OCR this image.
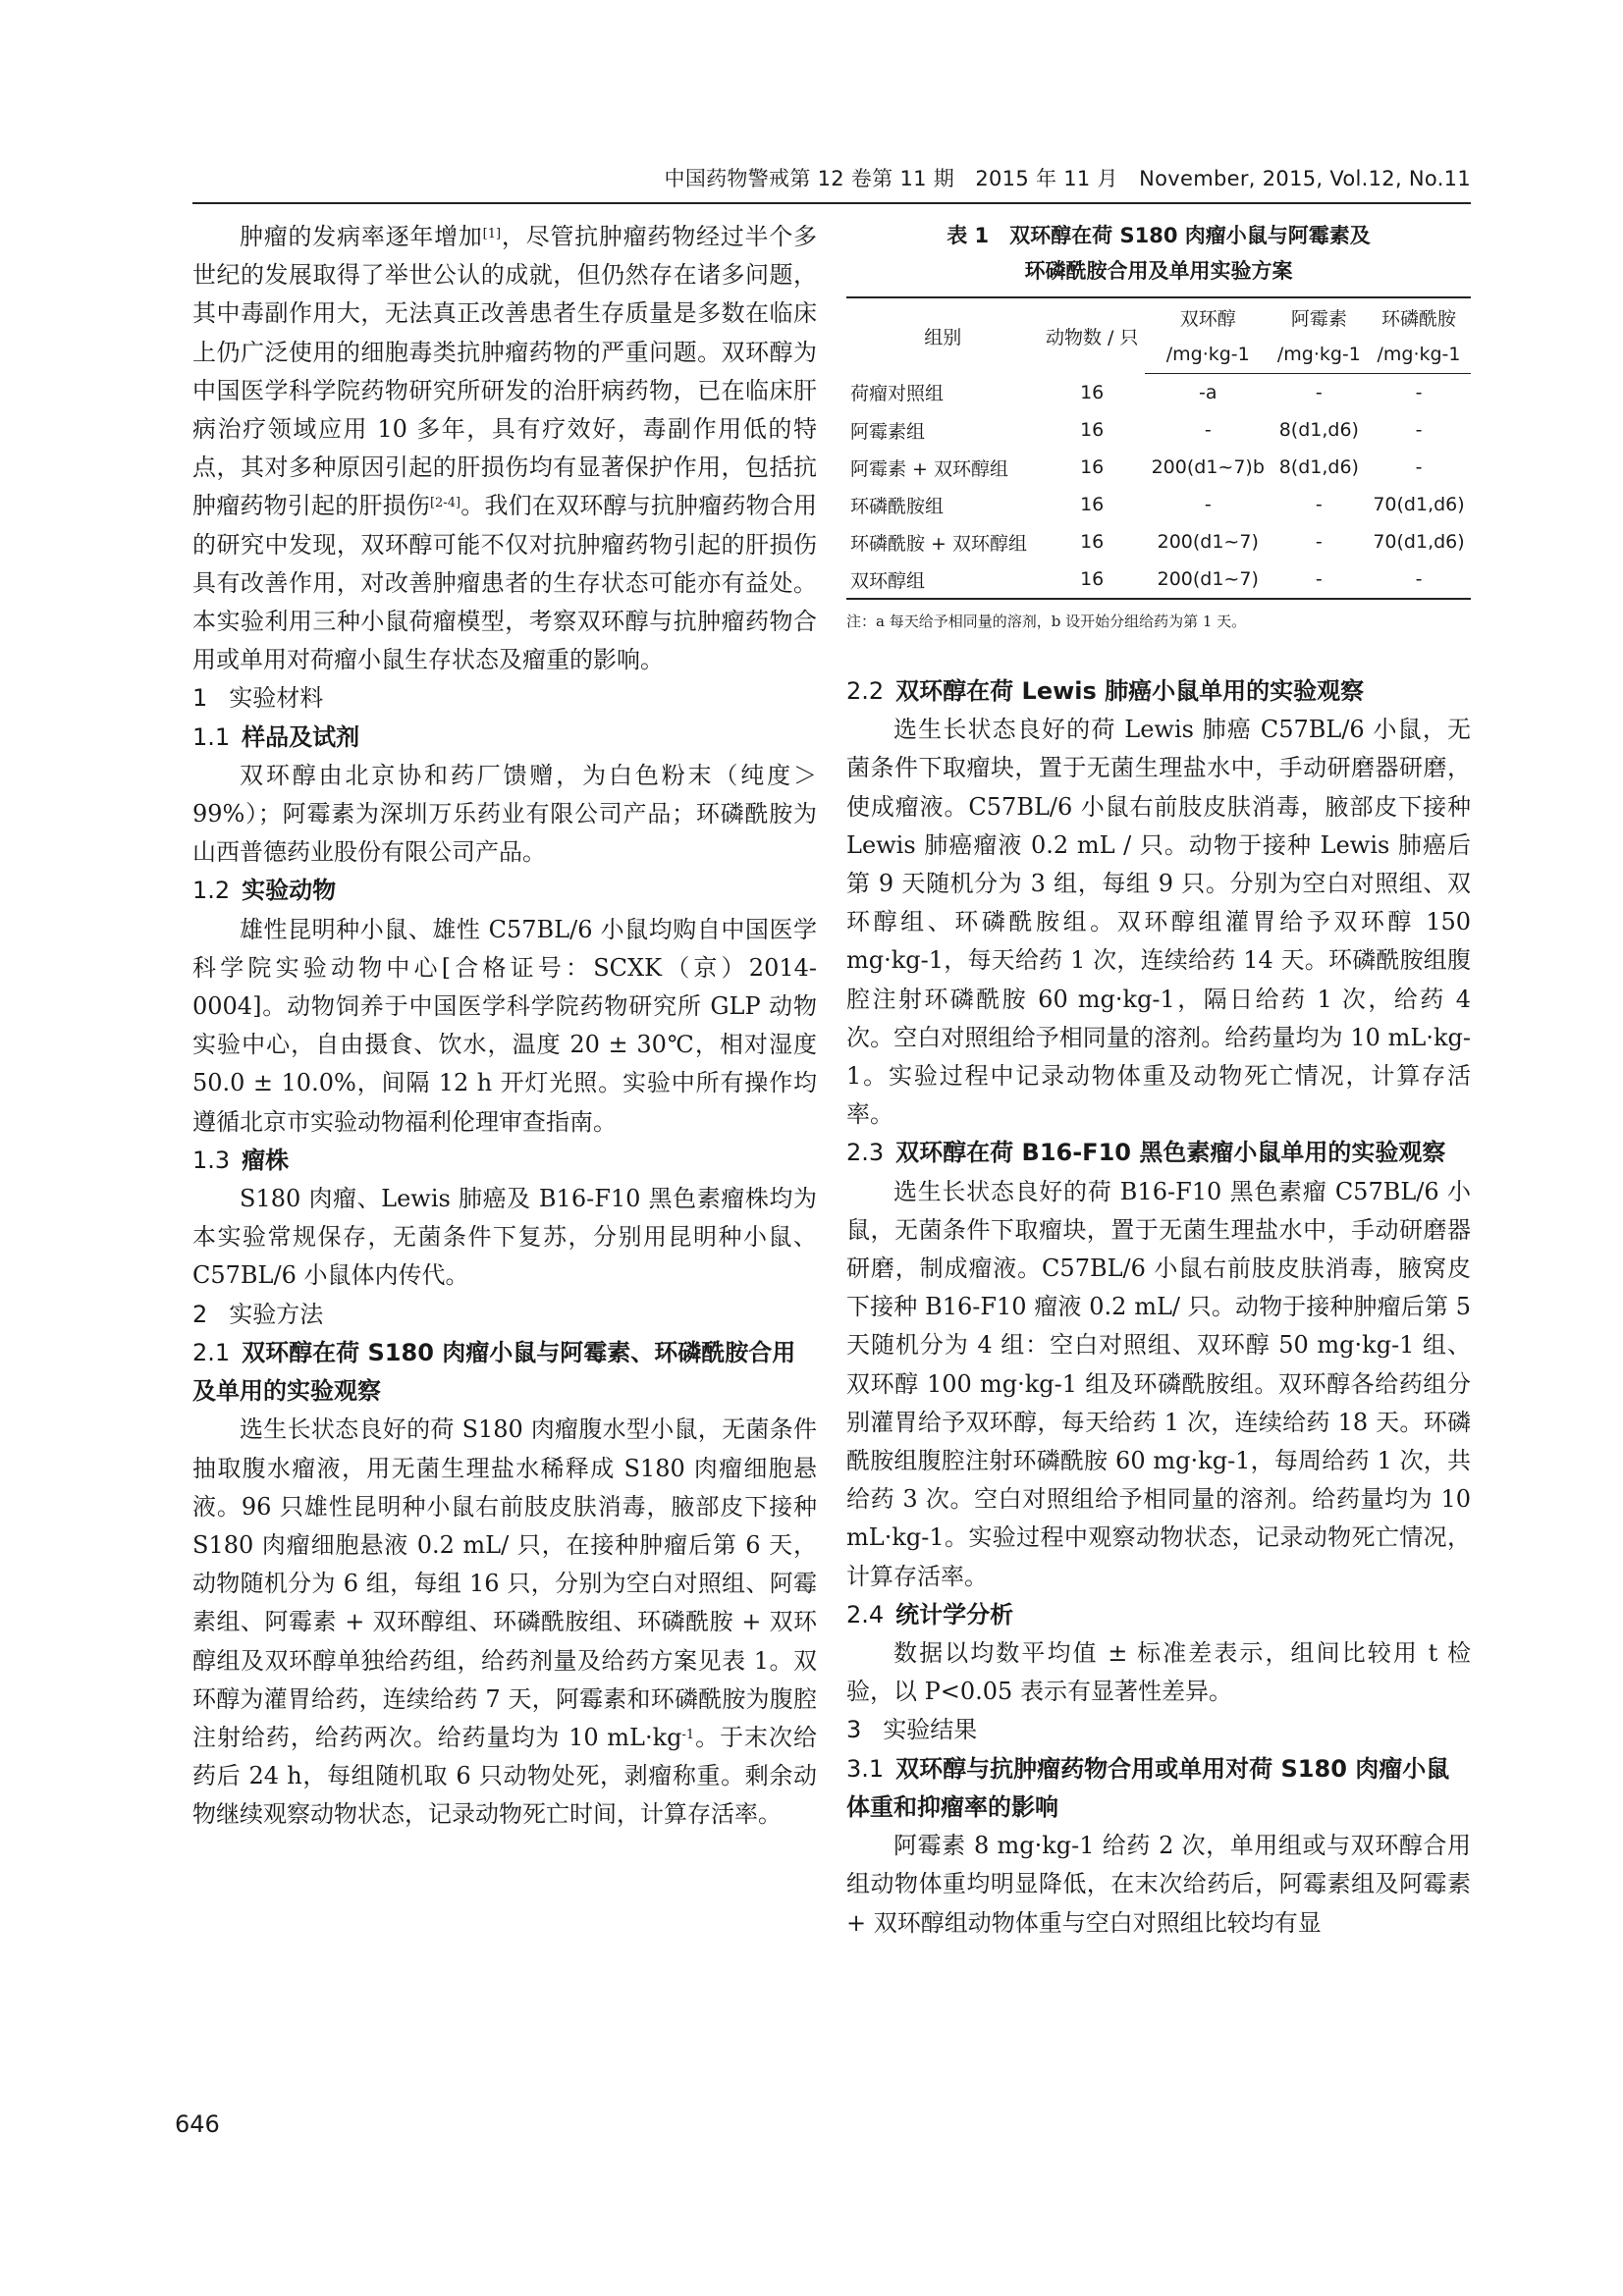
中国药物警戒第 12 卷第 11 期　2015 年 11 月　November, 2015, Vol.12, No.11

肿瘤的发病率逐年增加[1]，尽管抗肿瘤药物经过半个多世纪的发展取得了举世公认的成就，但仍然存在诸多问题，其中毒副作用大，无法真正改善患者生存质量是多数在临床上仍广泛使用的细胞毒类抗肿瘤药物的严重问题。双环醇为中国医学科学院药物研究所研发的治肝病药物，已在临床肝病治疗领域应用 10 多年，具有疗效好，毒副作用低的特点，其对多种原因引起的肝损伤均有显著保护作用，包括抗肿瘤药物引起的肝损伤[2-4]。我们在双环醇与抗肿瘤药物合用的研究中发现，双环醇可能不仅对抗肿瘤药物引起的肝损伤具有改善作用，对改善肿瘤患者的生存状态可能亦有益处。本实验利用三种小鼠荷瘤模型，考察双环醇与抗肿瘤药物合用或单用对荷瘤小鼠生存状态及瘤重的影响。

1 实验材料
1.1 样品及试剂

双环醇由北京协和药厂馈赠，为白色粉末（纯度＞99%）；阿霉素为深圳万乐药业有限公司产品；环磷酰胺为山西普德药业股份有限公司产品。

1.2 实验动物

雄性昆明种小鼠、雄性 C57BL/6 小鼠均购自中国医学科学院实验动物中心[合格证号：SCXK（京）2014-0004]。动物饲养于中国医学科学院药物研究所 GLP 动物实验中心，自由摄食、饮水，温度 20 ± 30℃，相对湿度 50.0 ± 10.0%，间隔 12 h 开灯光照。实验中所有操作均遵循北京市实验动物福利伦理审查指南。

1.3 瘤株

S180 肉瘤、Lewis 肺癌及 B16-F10 黑色素瘤株均为本实验常规保存，无菌条件下复苏，分别用昆明种小鼠、C57BL/6 小鼠体内传代。

2 实验方法
2.1 双环醇在荷 S180 肉瘤小鼠与阿霉素、环磷酰胺合用及单用的实验观察

选生长状态良好的荷 S180 肉瘤腹水型小鼠，无菌条件抽取腹水瘤液，用无菌生理盐水稀释成 S180 肉瘤细胞悬液。96 只雄性昆明种小鼠右前肢皮肤消毒，腋部皮下接种 S180 肉瘤细胞悬液 0.2 mL/ 只，在接种肿瘤后第 6 天，动物随机分为 6 组，每组 16 只，分别为空白对照组、阿霉素组、阿霉素 + 双环醇组、环磷酰胺组、环磷酰胺 + 双环醇组及双环醇单独给药组，给药剂量及给药方案见表 1。双环醇为灌胃给药，连续给药 7 天，阿霉素和环磷酰胺为腹腔注射给药，给药两次。给药量均为 10 $mL\cdot kg^{-1}$。于末次给药后 24 h，每组随机取 6 只动物处死，剥瘤称重。剩余动物继续观察动物状态，记录动物死亡时间，计算存活率。

表 1　双环醇在荷 S180 肉瘤小鼠与阿霉素及
环磷酰胺合用及单用实验方案
组别	动物数 / 只	双环醇	阿霉素	环磷酰胺
		/mg·kg-1	/mg·kg-1	/mg·kg-1
荷瘤对照组	16	-a	-	-
阿霉素组	16	-	8(d1,d6)	-
阿霉素 + 双环醇组	16	200(d1~7)b	8(d1,d6)	-
环磷酰胺组	16	-	-	70(d1,d6)
环磷酰胺 + 双环醇组	16	200(d1~7)	-	70(d1,d6)
双环醇组	16	200(d1~7)	-	-
注：a 每天给予相同量的溶剂，b 设开始分组给药为第 1 天。
2.2 双环醇在荷 Lewis 肺癌小鼠单用的实验观察

选生长状态良好的荷 Lewis 肺癌 C57BL/6 小鼠，无菌条件下取瘤块，置于无菌生理盐水中，手动研磨器研磨，使成瘤液。C57BL/6 小鼠右前肢皮肤消毒，腋部皮下接种 Lewis 肺癌瘤液 0.2 mL / 只。动物于接种 Lewis 肺癌后第 9 天随机分为 3 组，每组 9 只。分别为空白对照组、双环醇组、环磷酰胺组。双环醇组灌胃给予双环醇 150 mg·kg-1，每天给药 1 次，连续给药 14 天。环磷酰胺组腹腔注射环磷酰胺 60 mg·kg-1，隔日给药 1 次，给药 4 次。空白对照组给予相同量的溶剂。给药量均为 10 mL·kg-1。实验过程中记录动物体重及动物死亡情况，计算存活率。

2.3 双环醇在荷 B16-F10 黑色素瘤小鼠单用的实验观察

选生长状态良好的荷 B16-F10 黑色素瘤 C57BL/6 小鼠，无菌条件下取瘤块，置于无菌生理盐水中，手动研磨器研磨，制成瘤液。C57BL/6 小鼠右前肢皮肤消毒，腋窝皮下接种 B16-F10 瘤液 0.2 mL/ 只。动物于接种肿瘤后第 5 天随机分为 4 组：空白对照组、双环醇 50 mg·kg-1 组、双环醇 100 mg·kg-1 组及环磷酰胺组。双环醇各给药组分别灌胃给予双环醇，每天给药 1 次，连续给药 18 天。环磷酰胺组腹腔注射环磷酰胺 60 mg·kg-1，每周给药 1 次，共给药 3 次。空白对照组给予相同量的溶剂。给药量均为 10 mL·kg-1。实验过程中观察动物状态，记录动物死亡情况，计算存活率。

2.4 统计学分析

数据以均数平均值 ± 标准差表示，组间比较用 t 检验，以 P<0.05 表示有显著性差异。

3 实验结果
3.1 双环醇与抗肿瘤药物合用或单用对荷 S180 肉瘤小鼠体重和抑瘤率的影响

阿霉素 8 mg·kg-1 给药 2 次，单用组或与双环醇合用组动物体重均明显降低，在末次给药后，阿霉素组及阿霉素 + 双环醇组动物体重与空白对照组比较均有显

646
